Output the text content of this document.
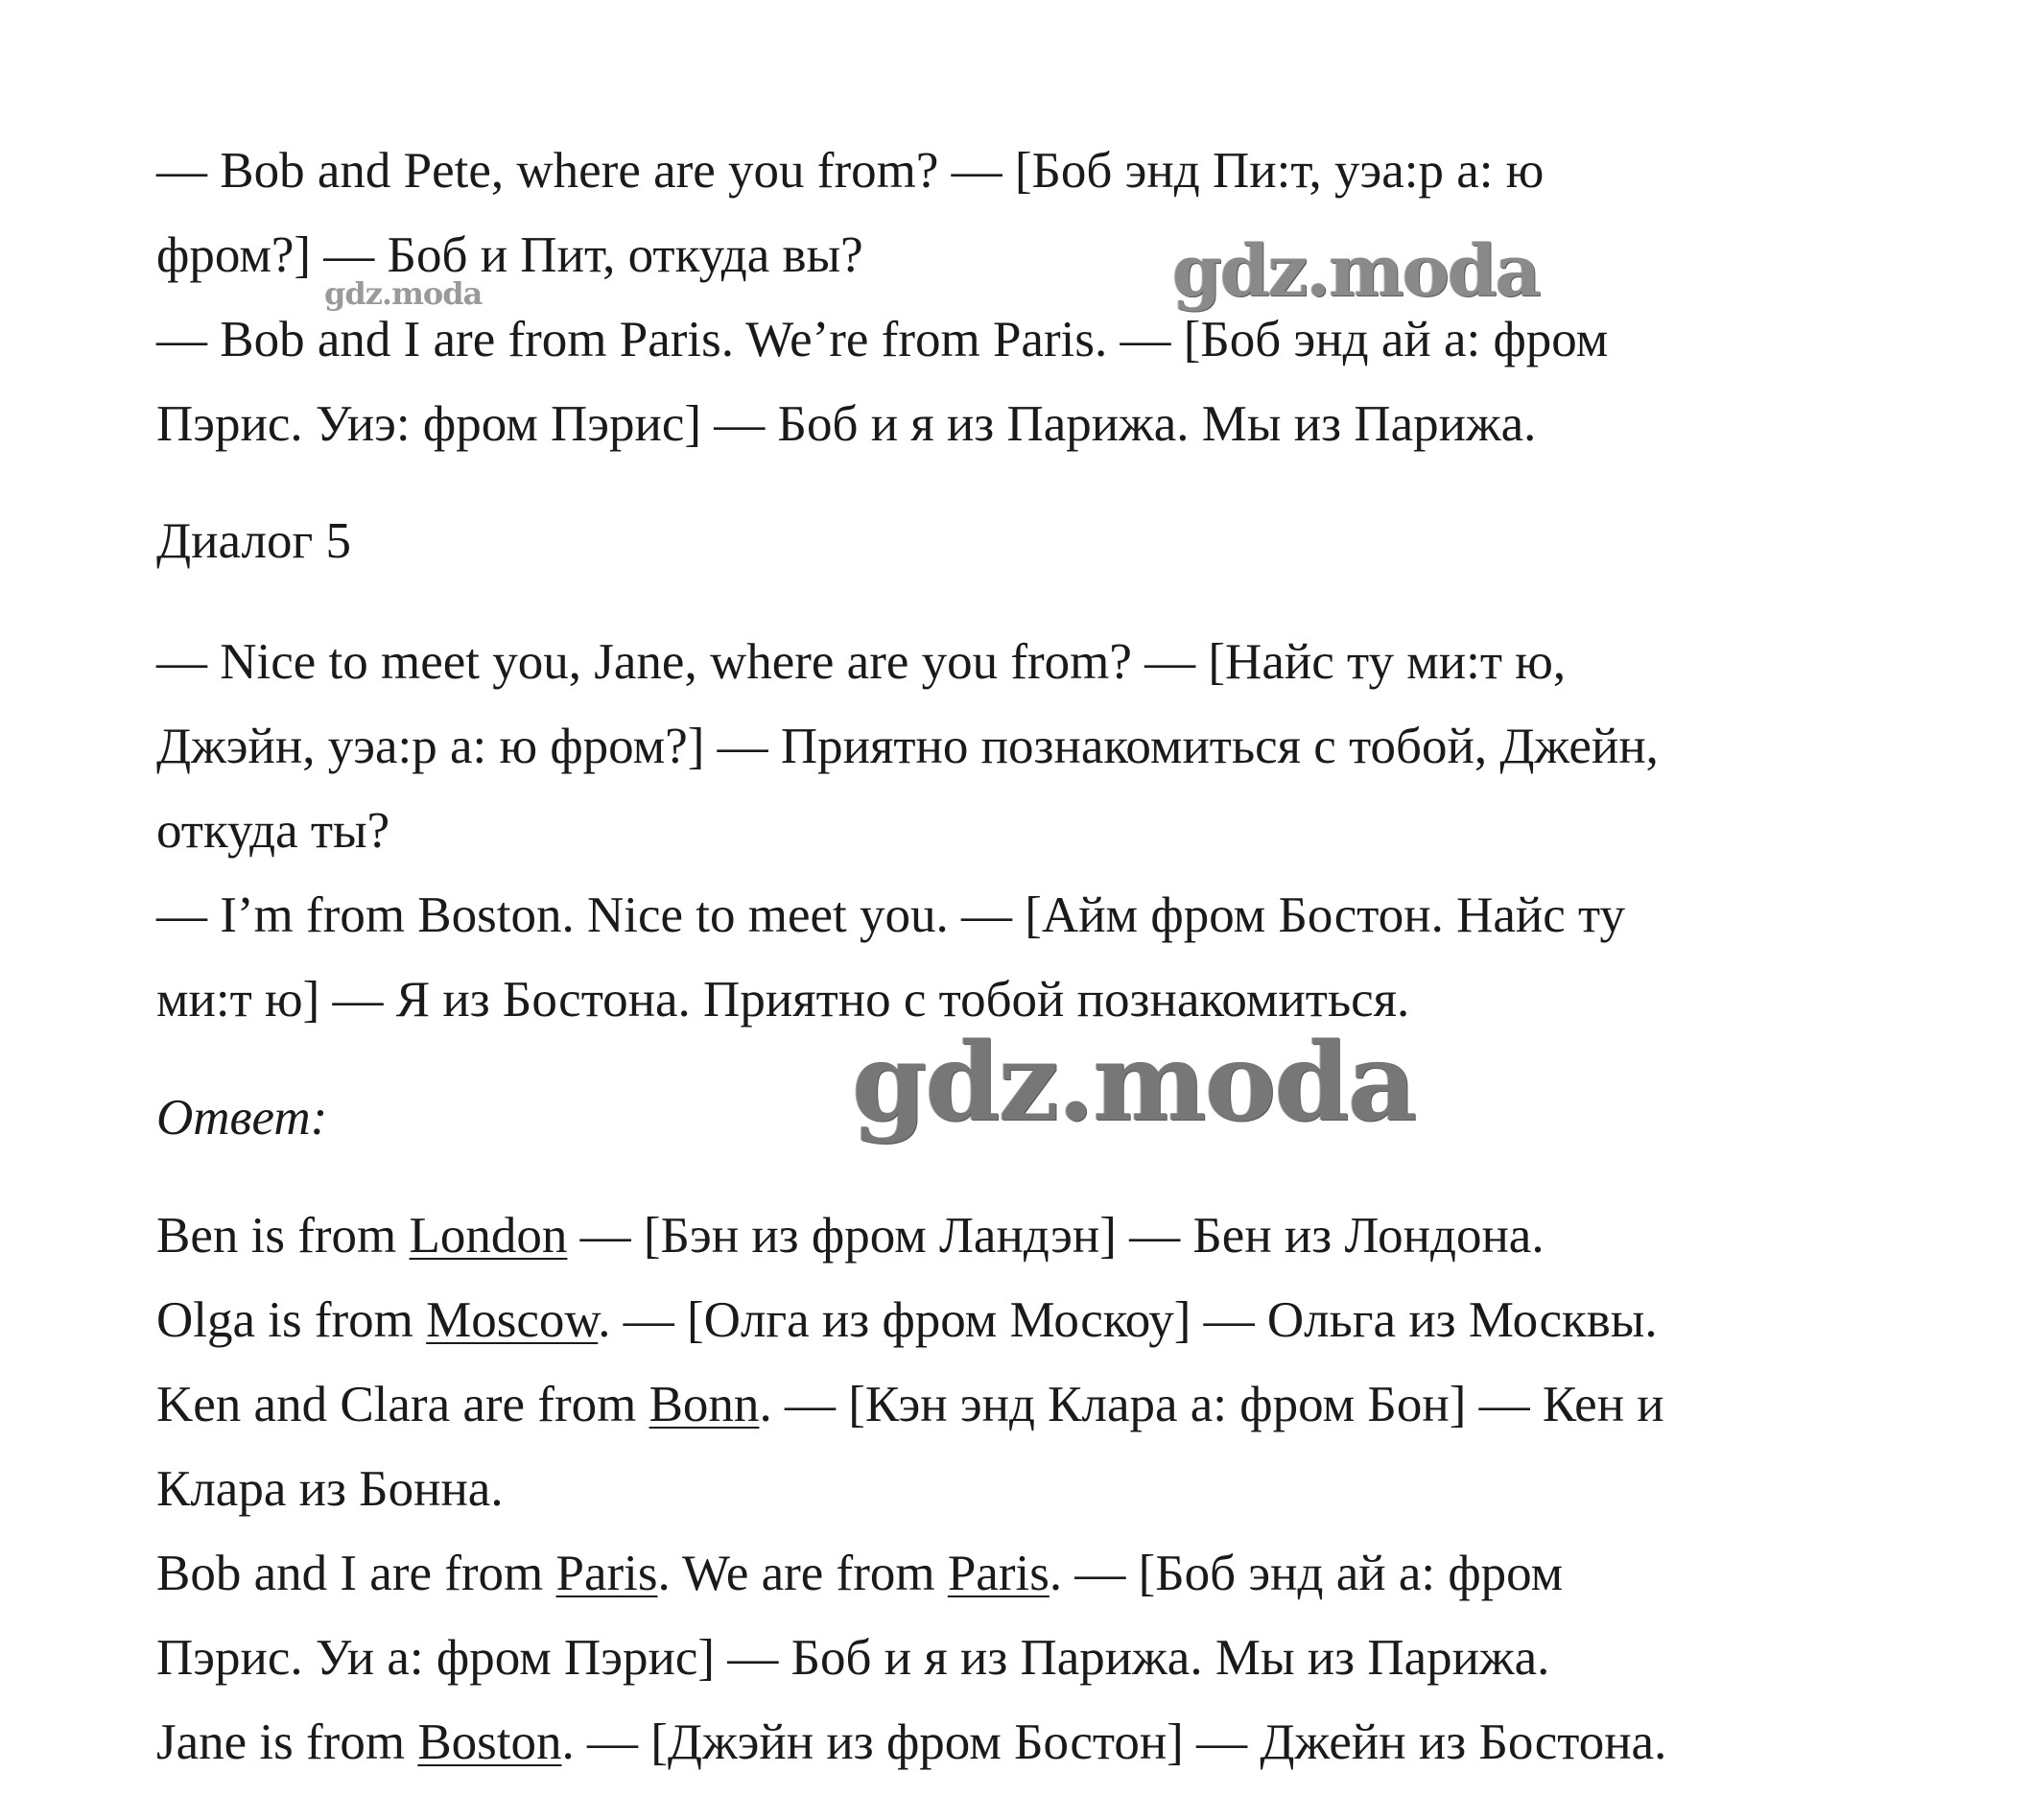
— Bob and Pete, where are you from? — [Боб энд Пи:т, уэа:р а: ю
фром?] — Боб и Пит, откуда вы?
— Bob and I are from Paris. We’re from Paris. — [Боб энд ай а: фром
Пэрис. Уиэ: фром Пэрис] — Боб и я из Парижа. Мы из Парижа.
Диалог 5
— Nice to meet you, Jane, where are you from? — [Найс ту ми:т ю,
Джэйн, уэа:р а: ю фром?] — Приятно познакомиться с тобой, Джейн,
откуда ты?
— I’m from Boston. Nice to meet you. — [Айм фром Бостон. Найс ту
ми:т ю] — Я из Бостона. Приятно с тобой познакомиться.
Ответ:
Ben is from London — [Бэн из фром Ландэн] — Бен из Лондона.
Olga is from Moscow. — [Олга из фром Москоу] — Ольга из Москвы.
Ken and Clara are from Bonn. — [Кэн энд Клара а: фром Бон] — Кен и
Клара из Бонна.
Bob and I are from Paris. We are from Paris. — [Боб энд ай а: фром
Пэрис. Уи а: фром Пэрис] — Боб и я из Парижа. Мы из Парижа.
Jane is from Boston. — [Джэйн из фром Бостон] — Джейн из Бостона.
gdz.moda	gdz.moda
gdz.moda
